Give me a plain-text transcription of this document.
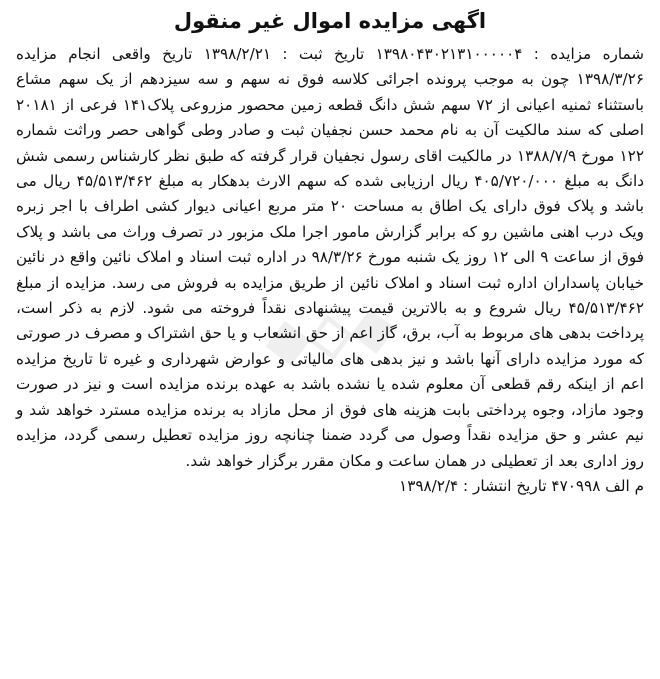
اگهی مزایده اموال غیر منقول

شماره مزایده : ۱۳۹۸۰۴۳۰۲۱۳۱۰۰۰۰۰۴ تاریخ ثبت : ۱۳۹۸/۲/۲۱ تاریخ واقعی انجام مزایده ۱۳۹۸/۳/۲۶ چون به موجب پرونده اجرائی کلاسه فوق نه سهم و سه سیزدهم از یک سهم مشاع باستثناء ثمنیه اعیانی از ۷۲ سهم شش دانگ قطعه زمین محصور مزروعی پلاک۱۴۱ فرعی از ۲۰۱۸۱ اصلی که سند مالکیت آن به نام محمد حسن نجفیان ثبت و صادر وطی گواهی حصر وراثت شماره ۱۲۲ مورخ ۱۳۸۸/۷/۹ در مالکیت اقای رسول نجفیان قرار گرفته که طبق نظر کارشناس رسمی شش دانگ به مبلغ ۴۰۵/۷۲۰/۰۰۰ ریال ارزیابی شده که سهم الارث بدهکار به مبلغ ۴۵/۵۱۳/۴۶۲ ریال می باشد و پلاک فوق دارای یک اطاق به مساحت ۲۰ متر مربع اعیانی دیوار کشی اطراف با اجر زبره ویک درب اهنی ماشین رو که برابر گزارش مامور اجرا ملک مزبور در تصرف وراث می باشد و پلاک فوق از ساعت ۹ الی ۱۲ روز یک شنبه مورخ ۹۸/۳/۲۶ در اداره ثبت اسناد و املاک نائین واقع در نائین خیابان پاسداران اداره ثبت اسناد و املاک نائین از طریق مزایده به فروش می رسد. مزایده از مبلغ ۴۵/۵۱۳/۴۶۲ ریال شروع و به بالاترین قیمت پیشنهادی نقداً فروخته می شود. لازم به ذکر است، پرداخت بدهی های مربوط به آب، برق، گاز اعم از حق انشعاب و یا حق اشتراک و مصرف در صورتی که مورد مزایده دارای آنها باشد و نیز بدهی های مالیاتی و عوارض شهرداری و غیره تا تاریخ مزایده اعم از اینکه رقم قطعی آن معلوم شده یا نشده باشد به عهده برنده مزایده است و نیز در صورت وجود مازاد، وجوه پرداختی بابت هزینه های فوق از محل مازاد به برنده مزایده مسترد خواهد شد و نیم عشر و حق مزایده نقداً وصول می گردد ضمنا چنانچه روز مزایده تعطیل رسمی گردد، مزایده روز اداری بعد از تعطیلی در همان ساعت و مکان مقرر برگزار خواهد شد.

م الف ۴۷۰۹۹۸ تاریخ انتشار : ۱۳۹۸/۲/۴

◆◇◆
